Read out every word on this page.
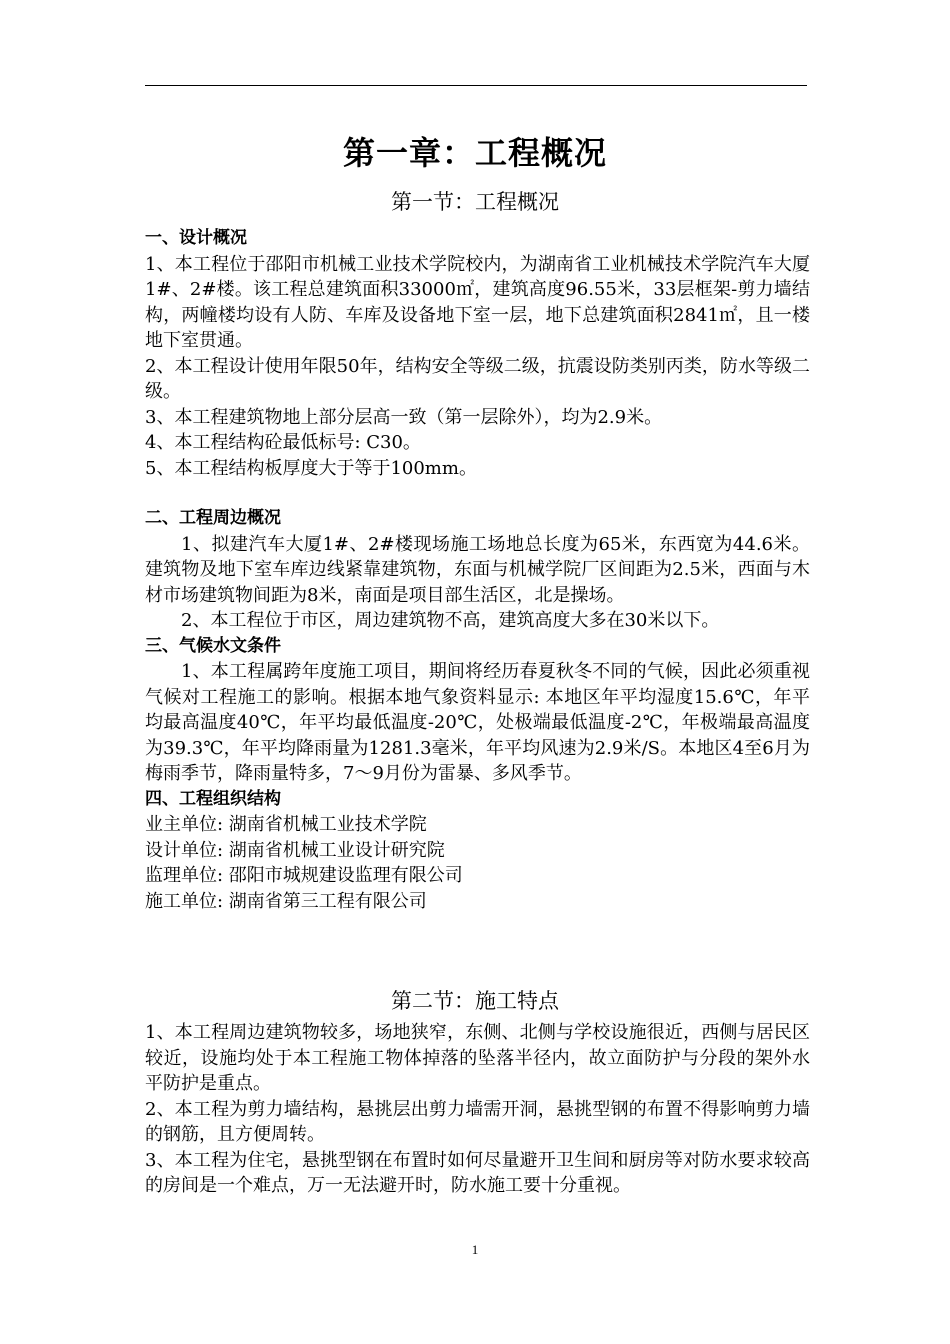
第一章：工程概况
第一节：工程概况
一、设计概况

1、本工程位于邵阳市机械工业技术学院校内，为湖南省工业机械技术学院汽车大厦1#、2#楼。该工程总建筑面积33000㎡，建筑高度96.55米，33层框架-剪力墙结构，两幢楼均设有人防、车库及设备地下室一层，地下总建筑面积2841㎡，且一楼地下室贯通。

2、本工程设计使用年限50年，结构安全等级二级，抗震设防类别丙类，防水等级二级。

3、本工程建筑物地上部分层高一致（第一层除外），均为2.9米。

4、本工程结构砼最低标号: C30。

5、本工程结构板厚度大于等于100mm。

二、工程周边概况

1、拟建汽车大厦1#、2#楼现场施工场地总长度为65米，东西宽为44.6米。建筑物及地下室车库边线紧靠建筑物，东面与机械学院厂区间距为2.5米，西面与木材市场建筑物间距为8米，南面是项目部生活区，北是操场。

2、本工程位于市区，周边建筑物不高，建筑高度大多在30米以下。

三、气候水文条件

1、本工程属跨年度施工项目，期间将经历春夏秋冬不同的气候，因此必须重视气候对工程施工的影响。根据本地气象资料显示: 本地区年平均湿度15.6℃，年平均最高温度40℃，年平均最低温度-20℃，处极端最低温度-2℃，年极端最高温度为39.3℃，年平均降雨量为1281.3毫米，年平均风速为2.9米/S。本地区4至6月为梅雨季节，降雨量特多，7～9月份为雷暴、多风季节。

四、工程组织结构

业主单位: 湖南省机械工业技术学院

设计单位: 湖南省机械工业设计研究院

监理单位: 邵阳市城规建设监理有限公司

施工单位: 湖南省第三工程有限公司

第二节：施工特点

1、本工程周边建筑物较多，场地狭窄，东侧、北侧与学校设施很近，西侧与居民区较近，设施均处于本工程施工物体掉落的坠落半径内，故立面防护与分段的架外水平防护是重点。

2、本工程为剪力墙结构，悬挑层出剪力墙需开洞，悬挑型钢的布置不得影响剪力墙的钢筋，且方便周转。

3、本工程为住宅，悬挑型钢在布置时如何尽量避开卫生间和厨房等对防水要求较高的房间是一个难点，万一无法避开时，防水施工要十分重视。

1
